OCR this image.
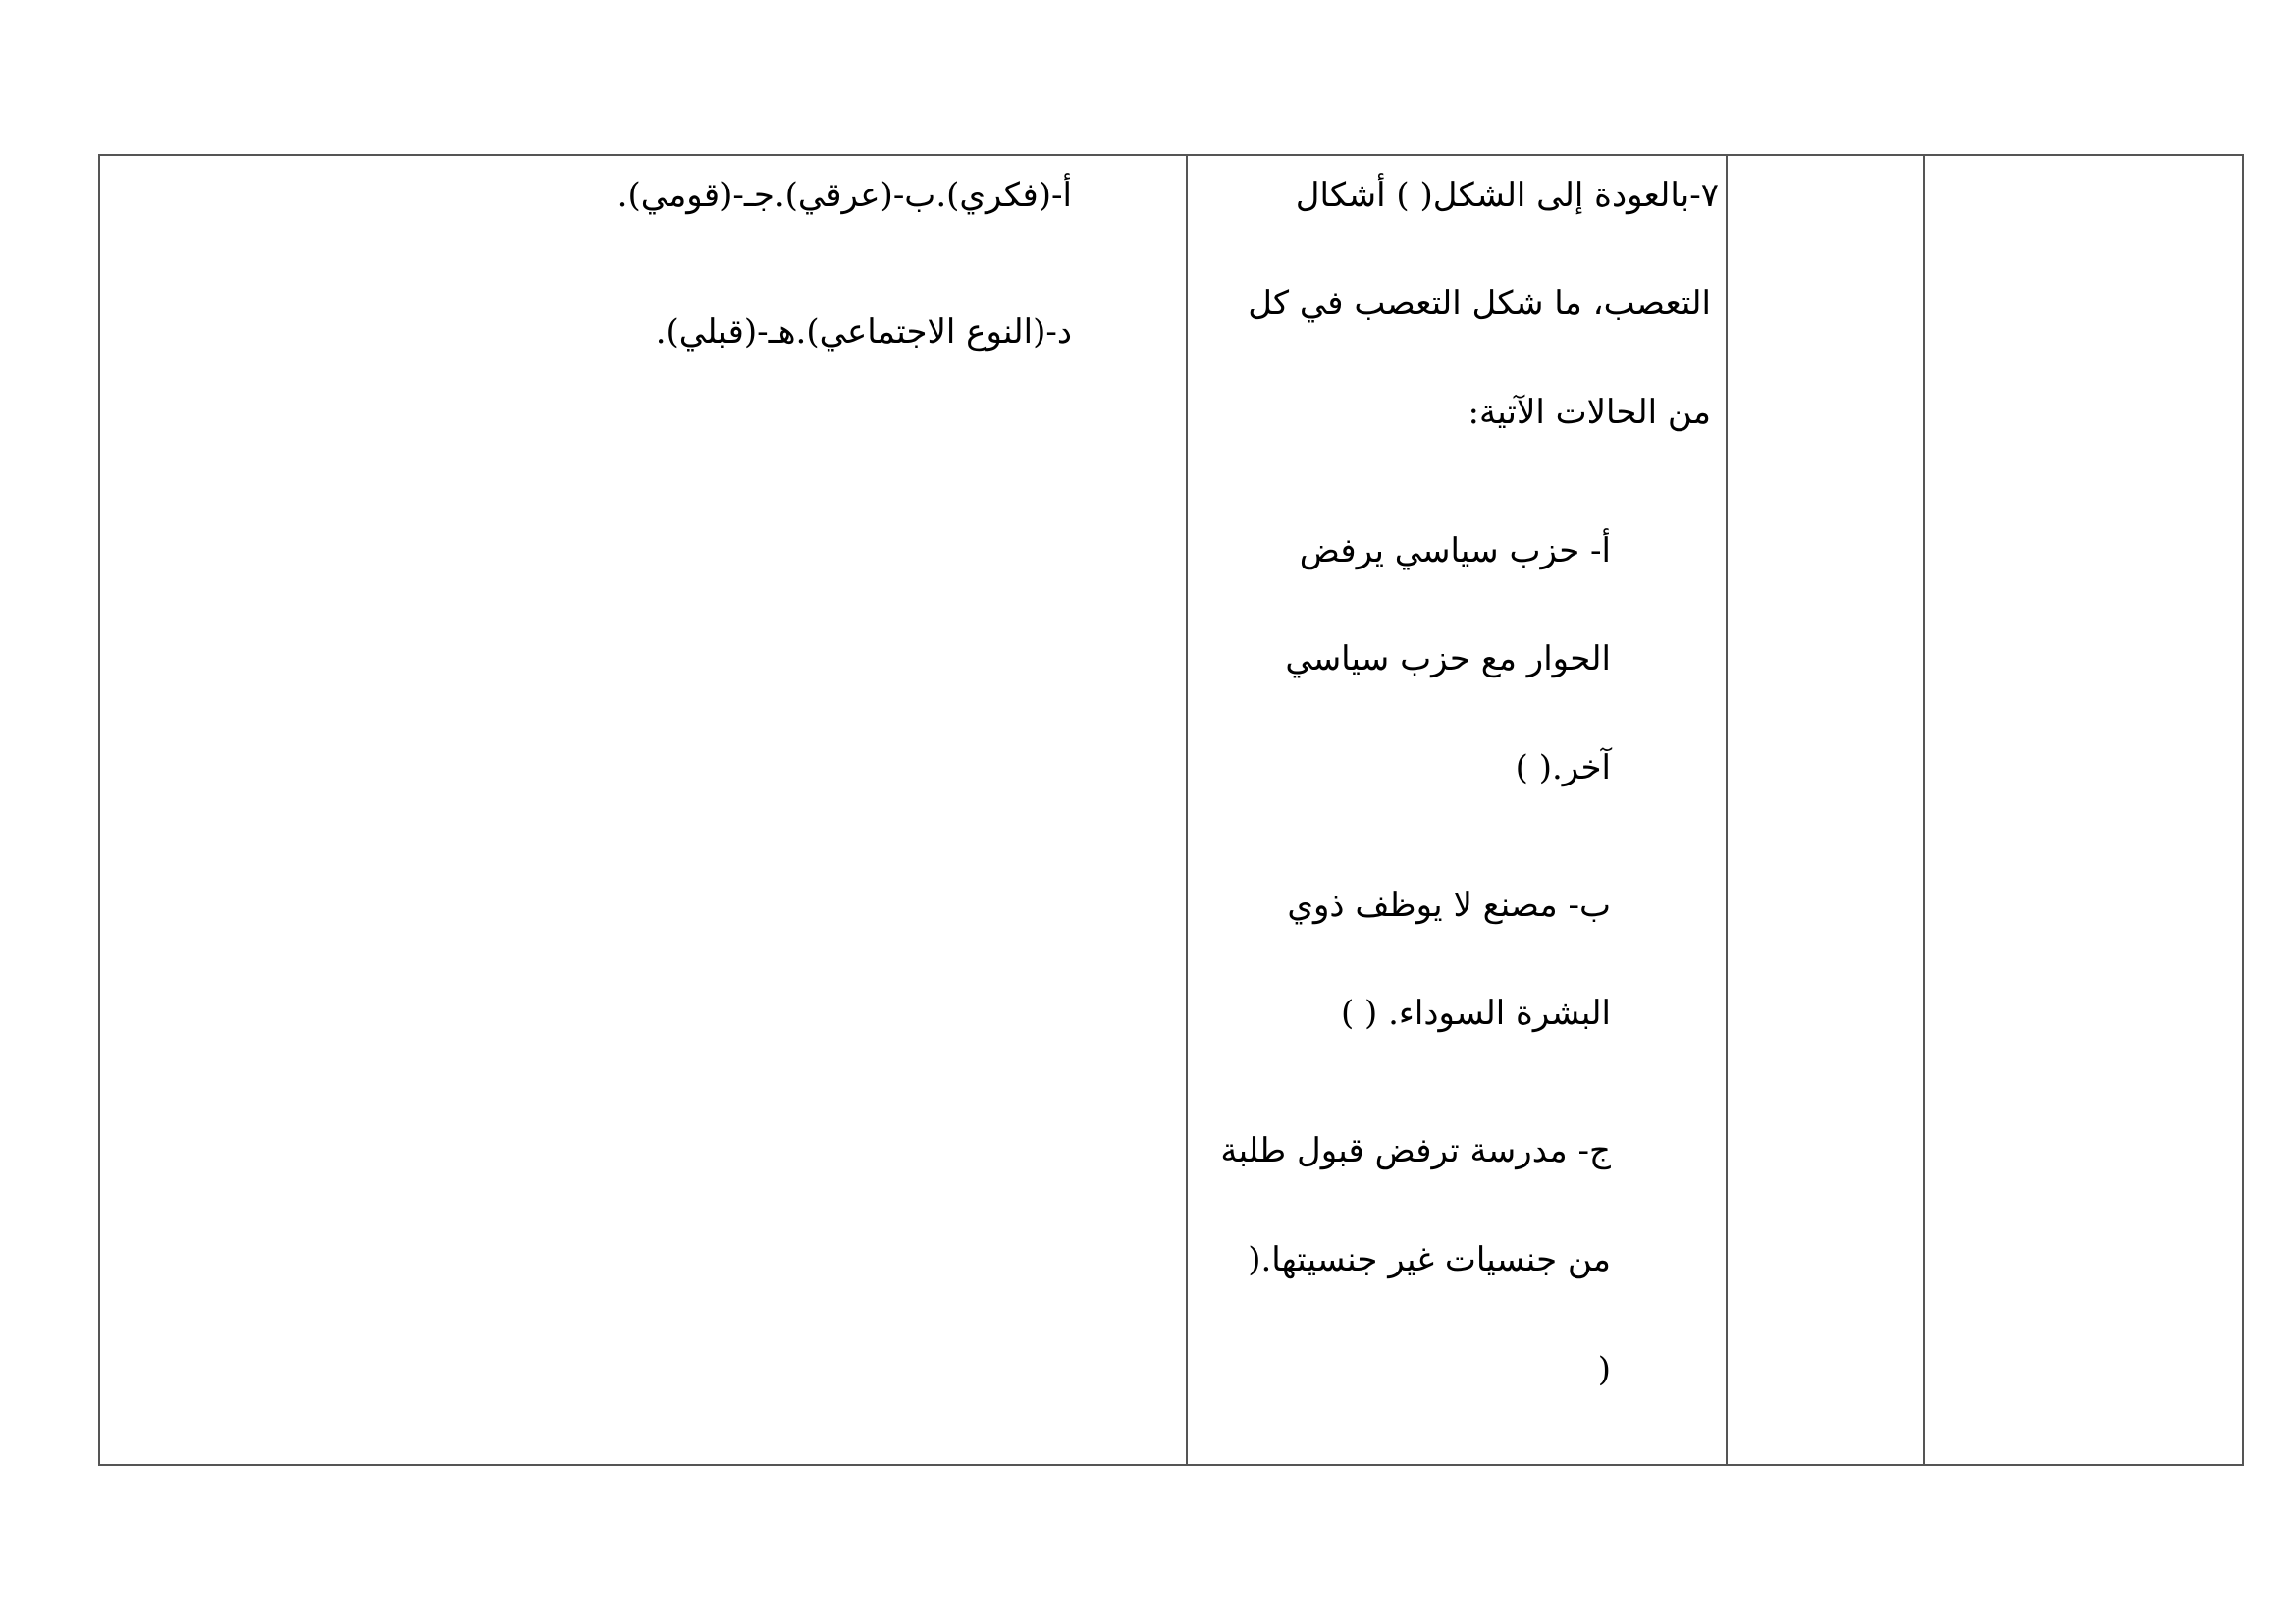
٧-بالعودة إلى الشكل( ) أشكال
التعصب، ما شكل التعصب في كل
من الحالات الآتية:
أ- حزب سياسي يرفض
الحوار مع حزب سياسي
آخر.( )
ب- مصنع لا يوظف ذوي
البشرة السوداء. ( )
ج- مدرسة ترفض قبول طلبة
من جنسيات غير جنسيتها.(
)
أ-(فكري).ب-(عرقي).جـ-(قومي).
د-(النوع الاجتماعي).هـ-(قبلي).
